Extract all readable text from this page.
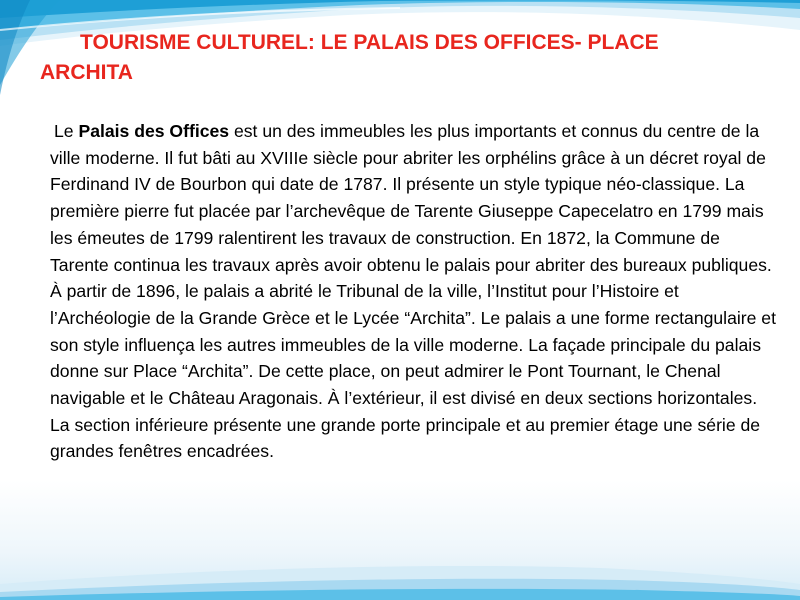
TOURISME CULTUREL: LE PALAIS DES OFFICES- PLACE ARCHITA

Le Palais des Offices est un des immeubles les plus importants et connus du centre de la ville moderne. Il fut bâti au XVIIIe siècle pour abriter les orphélins grâce à un décret royal de Ferdinand IV de Bourbon qui date de 1787. Il présente un style typique néo-classique. La première pierre fut placée par l’archevêque de Tarente Giuseppe Capecelatro en 1799 mais les émeutes de 1799 ralentirent les travaux de construction. En 1872, la Commune de Tarente continua les travaux après avoir obtenu le palais pour abriter des bureaux publiques. À partir de 1896, le palais a abrité le Tribunal de la ville, l’Institut pour l’Histoire et l’Archéologie de la Grande Grèce et le Lycée “Archita”. Le palais a une forme rectangulaire et son style influença les autres immeubles de la ville moderne. La façade principale du palais donne sur Place “Archita”. De cette place, on peut admirer le Pont Tournant, le Chenal navigable et le Château Aragonais. À l’extérieur, il est divisé en deux sections horizontales. La section inférieure présente une grande porte principale et au premier étage une série de grandes fenêtres encadrées.
